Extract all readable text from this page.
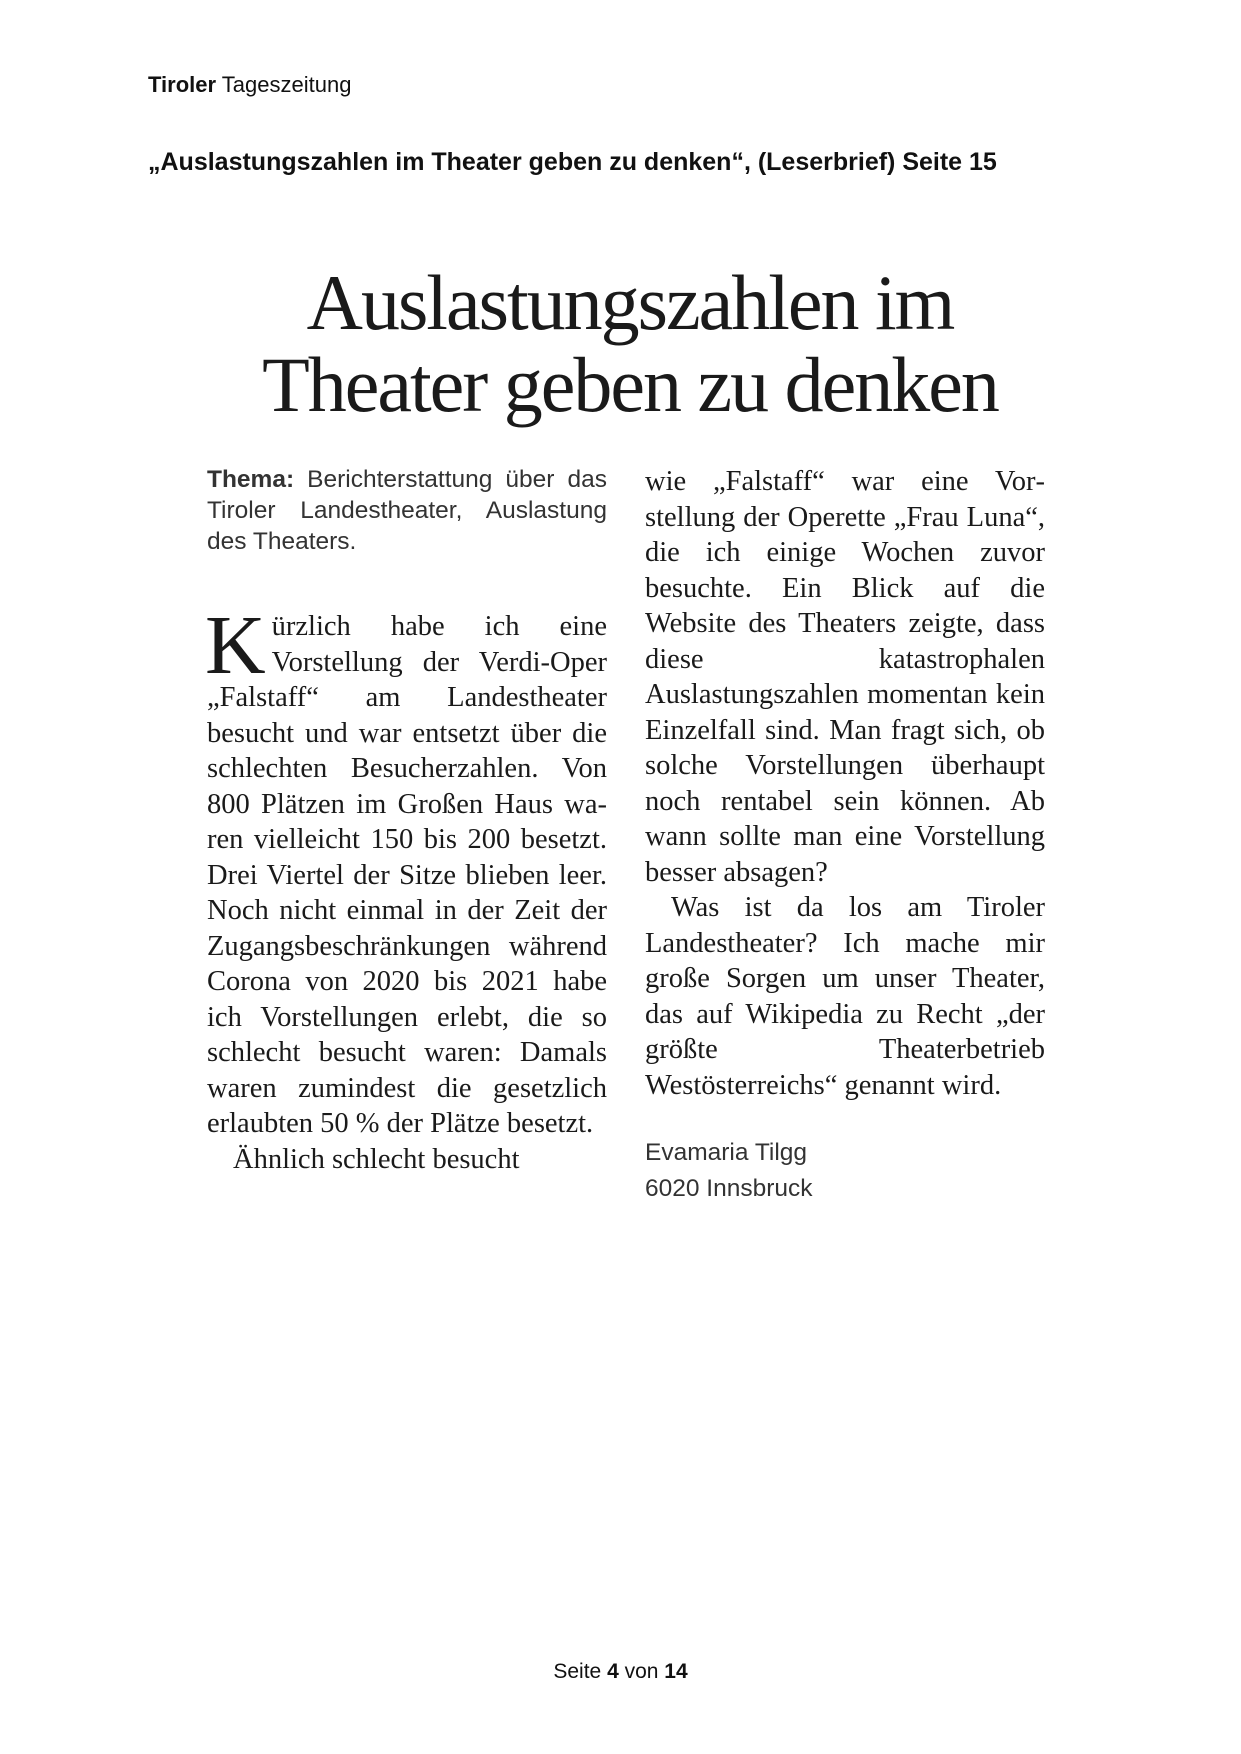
Tiroler Tageszeitung
„Auslastungszahlen im Theater geben zu denken“, (Leserbrief) Seite 15
Auslastungszahlen im
Theater geben zu denken

Thema: Berichterstattung über das Tiroler Landestheater, Auslastung des Theaters.

Kürzlich habe ich eine Vorstellung der Verdi-Oper „Falstaff“ am Landestheater besucht und war entsetzt über die schlechten Besucherzahlen. Von 800 Plätzen im Großen Haus waren vielleicht 150 bis 200 besetzt. Drei Viertel der Sitze blieben leer. Noch nicht einmal in der Zeit der Zugangsbeschränkungen während Corona von 2020 bis 2021 habe ich Vorstellungen erlebt, die so schlecht besucht waren: Damals waren zumindest die gesetzlich erlaubten 50 % der Plätze besetzt.

Ähnlich schlecht besucht

wie „Falstaff“ war eine Vorstellung der Operette „Frau Luna“, die ich einige Wochen zuvor besuchte. Ein Blick auf die Website des Theaters zeigte, dass diese katastrophalen Auslastungszahlen momentan kein Einzelfall sind. Man fragt sich, ob solche Vorstellungen überhaupt noch rentabel sein können. Ab wann sollte man eine Vorstellung besser absagen?

Was ist da los am Tiroler Landestheater? Ich mache mir große Sorgen um unser Theater, das auf Wikipedia zu Recht „der größte Theaterbetrieb Westösterreichs“ genannt wird.

Evamaria Tilgg
6020 Innsbruck
Seite 4 von 14
